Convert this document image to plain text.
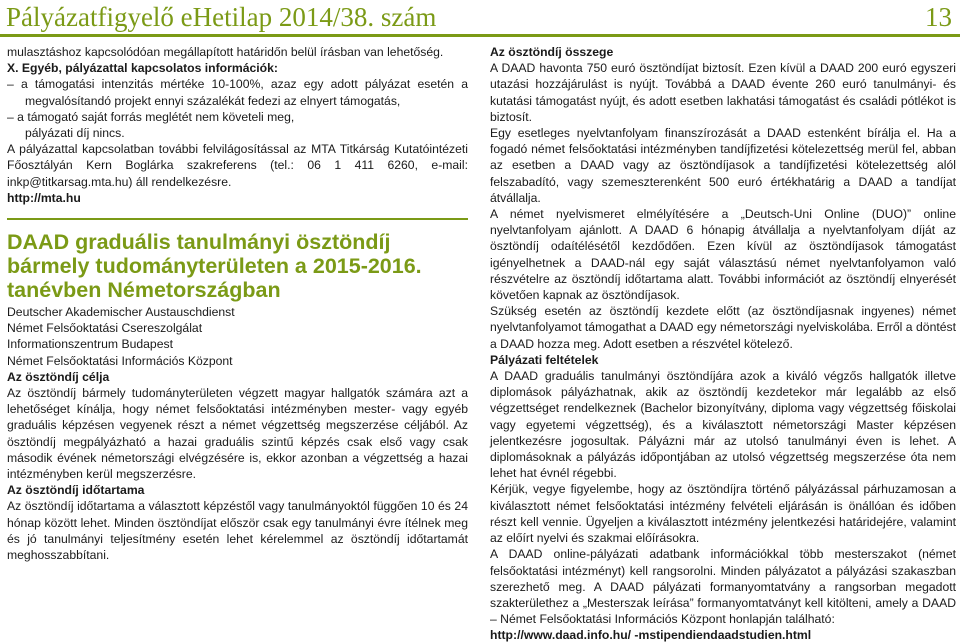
Pályázatfigyelő eHetilap 2014/38. szám	13

mulasztáshoz kapcsolódóan megállapított határidőn belül írásban van lehetőség.

X. Egyéb, pályázattal kapcsolatos információk:

– a támogatási intenzitás mértéke 10-100%, azaz egy adott pályázat esetén a megvalósítandó projekt ennyi százalékát fedezi az elnyert támogatás,

– a támogató saját forrás meglétét nem követeli meg,

pályázati díj nincs.

A pályázattal kapcsolatban további felvilágosítással az MTA Titkárság Kutatóintézeti Főosztályán Kern Boglárka szakreferens (tel.: 06 1 411 6260, e-mail: inkp@titkarsag.mta.hu) áll rendelkezésre.

http://mta.hu

DAAD graduális tanulmányi ösztöndíj bármely tudományterületen a 2015-2016. tanévben Németországban

Deutscher Akademischer Austauschdienst

Német Felsőoktatási Csereszolgálat

Informationszentrum Budapest

Német Felsőoktatási Információs Központ

Az ösztöndíj célja

Az ösztöndíj bármely tudományterületen végzett magyar hallgatók számára azt a lehetőséget kínálja, hogy német felsőoktatási intézményben mester- vagy egyéb graduális képzésen vegyenek részt a német végzettség megszerzése céljából. Az ösztöndíj megpályázható a hazai graduális szintű képzés csak első vagy csak második évének németországi elvégzésére is, ekkor azonban a végzettség a hazai intézményben kerül megszerzésre.

Az ösztöndíj időtartama

Az ösztöndíj időtartama a választott képzéstől vagy tanulmányoktól függően 10 és 24 hónap között lehet. Minden ösztöndíjat először csak egy tanulmányi évre ítélnek meg és jó tanulmányi teljesítmény esetén lehet kérelemmel az ösztöndíj időtartamát meghosszabbítani.

Az ösztöndíj összege

A DAAD havonta 750 euró ösztöndíjat biztosít. Ezen kívül a DAAD 200 euró egyszeri utazási hozzájárulást is nyújt. Továbbá a DAAD évente 260 euró tanulmányi- és kutatási támogatást nyújt, és adott esetben lakhatási támogatást és családi pótlékot is biztosít.

Egy esetleges nyelvtanfolyam finanszírozását a DAAD estenként bírálja el. Ha a fogadó német felsőoktatási intézményben tandíjfizetési kötelezettség merül fel, abban az esetben a DAAD vagy az ösztöndíjasok a tandíjfizetési kötelezettség alól felszabadító, vagy szemeszterenként 500 euró értékhatárig a DAAD a tandíjat átvállalja.

A német nyelvismeret elmélyítésére a „Deutsch-Uni Online (DUO)” online nyelvtanfolyam ajánlott. A DAAD 6 hónapig átvállalja a nyelvtanfolyam díját az ösztöndíj odaítélésétől kezdődően. Ezen kívül az ösztöndíjasok támogatást igényelhetnek a DAAD-nál egy saját választású német nyelvtanfolyamon való részvételre az ösztöndíj időtartama alatt. További információt az ösztöndíj elnyerését követően kapnak az ösztöndíjasok.

Szükség esetén az ösztöndíj kezdete előtt (az ösztöndíjasnak ingyenes) német nyelvtanfolyamot támogathat a DAAD egy németországi nyelviskolába. Erről a döntést a DAAD hozza meg. Adott esetben a részvétel kötelező.

Pályázati feltételek

A DAAD graduális tanulmányi ösztöndíjára azok a kiváló végzős hallgatók illetve diplomások pályázhatnak, akik az ösztöndíj kezdetekor már legalább az első végzettséget rendelkeznek (Bachelor bizonyítvány, diploma vagy végzettség főiskolai vagy egyetemi végzettség), és a kiválasztott németországi Master képzésen jelentkezésre jogosultak. Pályázni már az utolsó tanulmányi éven is lehet. A diplomásoknak a pályázás időpontjában az utolsó végzettség megszerzése óta nem lehet hat évnél régebbi.

Kérjük, vegye figyelembe, hogy az ösztöndíjra történő pályázással párhuzamosan a kiválasztott német felsőoktatási intézmény felvételi eljárásán is önállóan és időben részt kell vennie. Ügyeljen a kiválasztott intézmény jelentkezési határidejére, valamint az előírt nyelvi és szakmai előírásokra.

A DAAD online-pályázati adatbank információkkal több mesterszakot (német felsőoktatási intézményt) kell rangsorolni. Minden pályázatot a pályázási szakaszban szerezhető meg. A DAAD pályázati formanyomtatvány a rangsorban megadott szakterülethez a „Mesterszak leírása” formanyomtatványt kell kitölteni, amely a DAAD – Német Felsőoktatási Információs Központ honlapján található:

http://www.daad.info.hu/ -mstipendiendaadstudien.html
